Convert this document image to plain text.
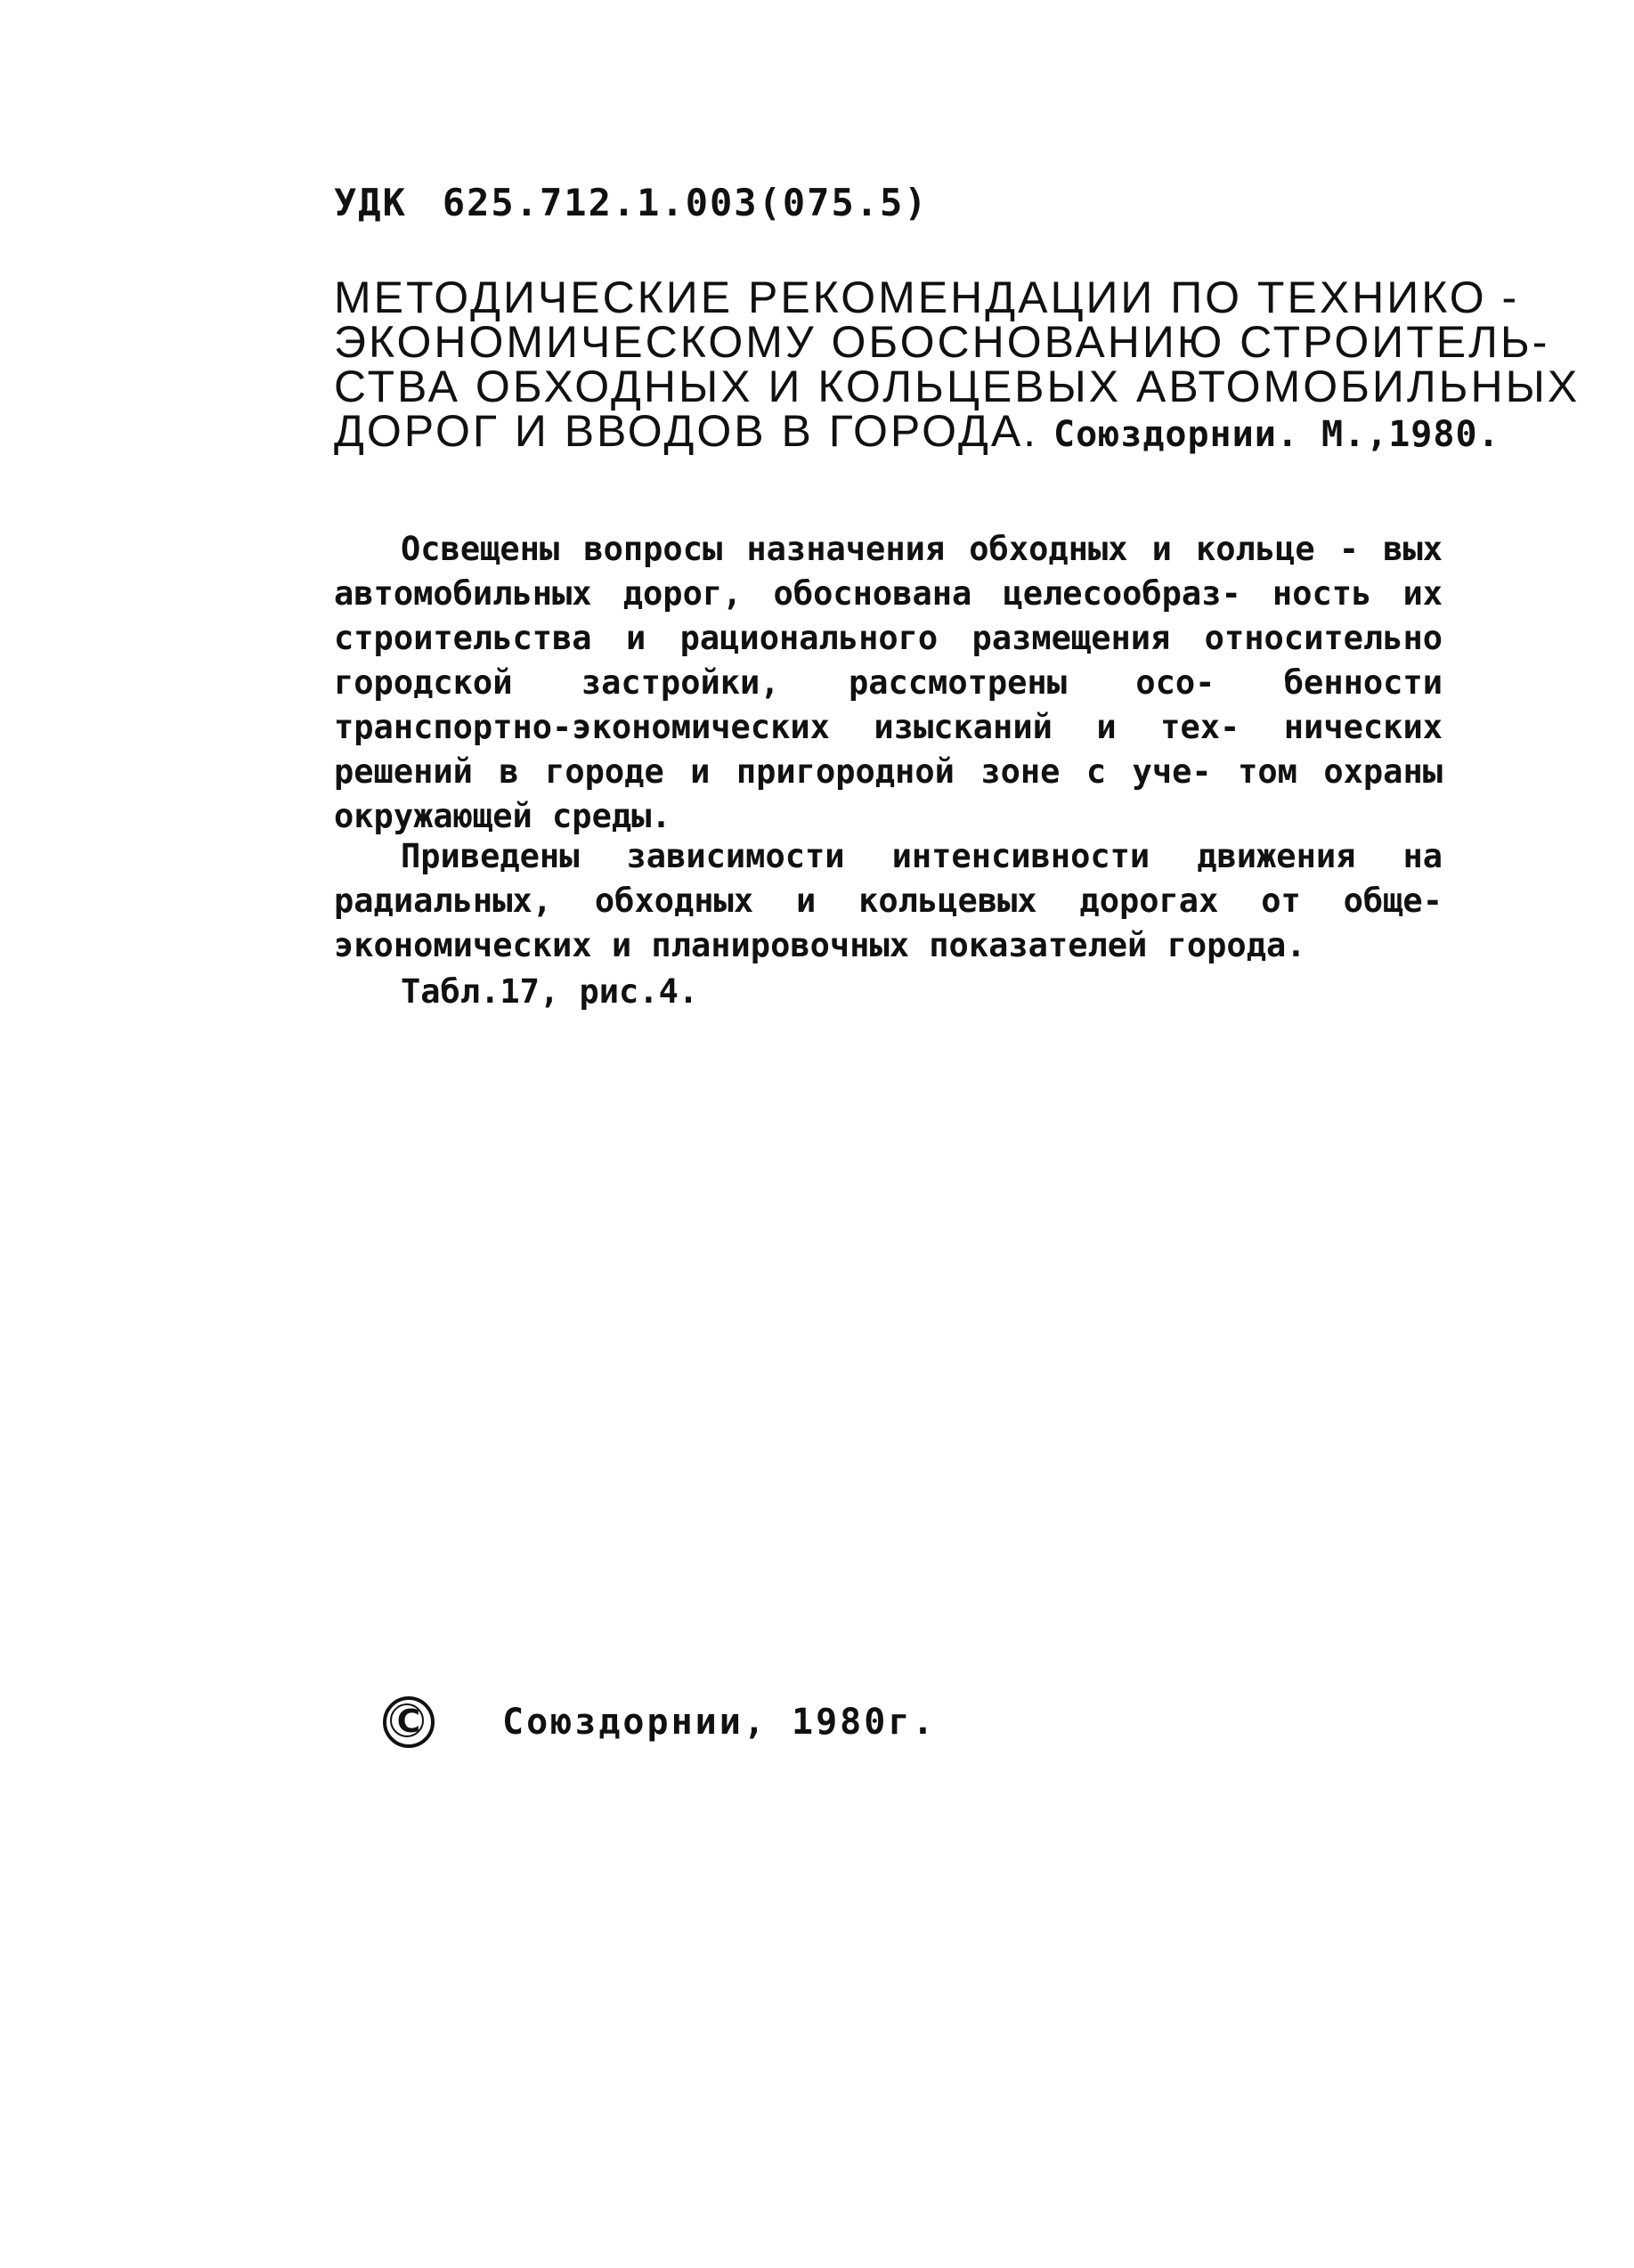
УДК 625.712.1.003(075.5)

МЕТОДИЧЕСКИЕ РЕКОМЕНДАЦИИ ПО ТЕХНИКО -

ЭКОНОМИЧЕСКОМУ ОБОСНОВАНИЮ СТРОИТЕЛЬ-

СТВА ОБХОДНЫХ И КОЛЬЦЕВЫХ АВТОМОБИЛЬНЫХ

ДОРОГ И ВВОДОВ В ГОРОДА. Союздорнии. М.,1980.

Освещены вопросы назначения обходных и кольце - вых автомобильных дорог, обоснована целесообраз- ность их строительства и рационального размещения относительно городской застройки, рассмотрены осо- бенности транспортно-экономических изысканий и тех- нических решений в городе и пригородной зоне с уче- том охраны окружающей среды.

Приведены зависимости интенсивности движения на радиальных, обходных и кольцевых дорогах от обще- экономических и планировочных показателей города.

Табл.17, рис.4.

C Союздорнии, 1980г.
